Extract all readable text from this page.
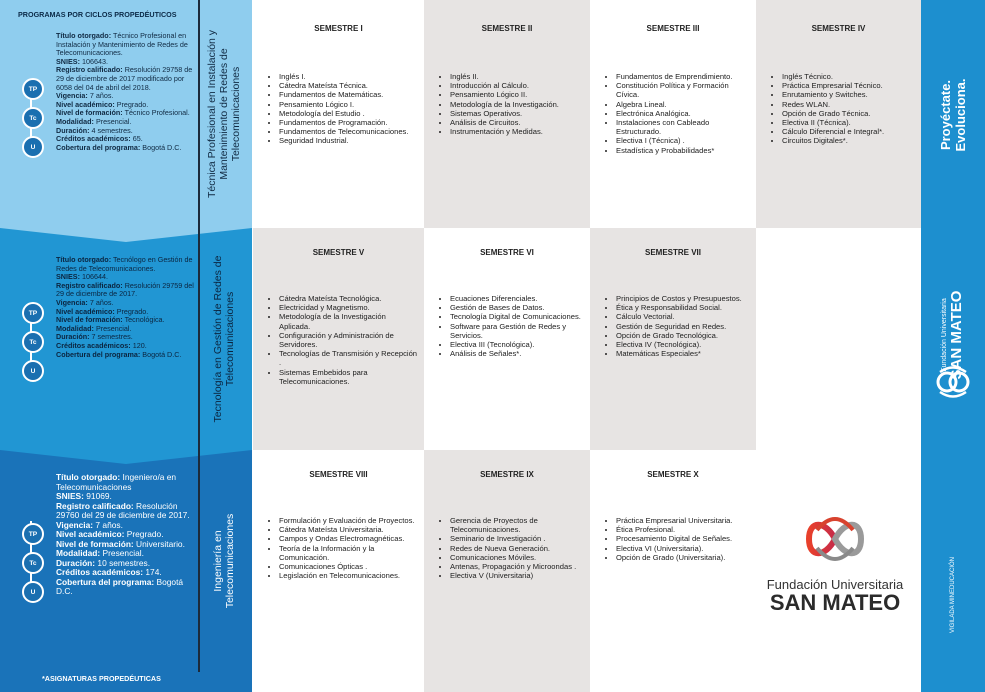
PROGRAMAS POR CICLOS PROPEDÉUTICOS
TP
Tc
U
TP
Tc
U
TP
Tc
U

Título otorgado: Técnico Profesional en Instalación y Mantenimiento de Redes de Telecomunicaciones.

SNIES: 106643.

Registro calificado: Resolución 29758 de 29 de diciembre de 2017 modificado por 6058 del 04 de abril del 2018.

Vigencia: 7 años.

Nivel académico: Pregrado.

Nivel de formación: Técnico Profesional.

Modalidad: Presencial.

Duración: 4 semestres.

Créditos académicos: 65.

Cobertura del programa: Bogotá D.C.

Título otorgado: Tecnólogo en Gestión de Redes de Telecomunicaciones.

SNIES: 106644.

Registro calificado: Resolución 29759 del 29 de diciembre de 2017.

Vigencia: 7 años.

Nivel académico: Pregrado.

Nivel de formación: Tecnológica.

Modalidad: Presencial.

Duración: 7 semestres.

Créditos académicos: 120.

Cobertura del programa: Bogotá D.C.

Título otorgado: Ingeniero/a en Telecomunicaciones

SNIES: 91069.

Registro calificado: Resolución 29760 del 29 de diciembre de 2017.

Vigencia: 7 años.

Nivel académico: Pregrado.

Nivel de formación: Universitario.

Modalidad: Presencial.

Duración: 10 semestres.

Créditos académicos: 174.

Cobertura del programa: Bogotá D.C.

Técnica Profesional en Instalación y Mantenimiento de Redes de Telecomunicaciones
Tecnología en Gestión de Redes de Telecomunicaciones
Ingeniería en Telecomunicaciones
*ASIGNATURAS PROPEDÉUTICAS
SEMESTRE I
• Inglés I.
• Cátedra Mateísta Técnica.
• Fundamentos de Matemáticas.
• Pensamiento Lógico I.
• Metodología del Estudio .
• Fundamentos de Programación.
• Fundamentos de Telecomunicaciones.
• Seguridad Industrial.
SEMESTRE II
• Inglés II.
• Introducción al Cálculo.
• Pensamiento Lógico II.
• Metodología de la Investigación.
• Sistemas Operativos.
• Análisis de Circuitos.
• Instrumentación y Medidas.
SEMESTRE III
• Fundamentos de Emprendimiento.
• Constitución Política y Formación Cívica.
• Algebra Lineal.
• Electrónica Analógica.
• Instalaciones con Cableado Estructurado.
• Electiva I (Técnica) .
• Estadística y Probabilidades*
SEMESTRE IV
• Inglés Técnico.
• Práctica Empresarial Técnico.
• Enrutamiento y Switches.
• Redes WLAN.
• Opción de Grado Técnica.
• Electiva II (Técnica).
• Cálculo Diferencial e Integral*.
• Circuitos Digitales*.
SEMESTRE V
• Cátedra Mateísta Tecnológica.
• Electricidad y Magnetismo.
• Metodología de la Investigación Aplicada.
• Configuración y Administración de Servidores.
• Tecnologías de Transmisión y Recepción .
• Sistemas Embebidos para Telecomunicaciones.
SEMESTRE VI
• Ecuaciones Diferenciales.
• Gestión de Bases de Datos.
• Tecnología Digital de Comunicaciones.
• Software para Gestión de Redes y Servicios.
• Electiva III (Tecnológica).
• Análisis de Señales*.
SEMESTRE VII
• Principios de Costos y Presupuestos.
• Ética y Responsabilidad Social.
• Cálculo Vectorial.
• Gestión de Seguridad en Redes.
• Opción de Grado Tecnológica.
• Electiva IV (Tecnológica).
• Matemáticas Especiales*
SEMESTRE VIII
• Formulación y Evaluación de Proyectos.
• Cátedra Mateísta Universitaria.
• Campos y Ondas Electromagnéticas.
• Teoría de la Información y la Comunicación.
• Comunicaciones Ópticas .
• Legislación en Telecomunicaciones.
SEMESTRE IX
• Gerencia de Proyectos de Telecomunicaciones.
• Seminario de Investigación .
• Redes de Nueva Generación.
• Comunicaciones Móviles.
• Antenas, Propagación y Microondas .
• Electiva V (Universitaria)
SEMESTRE X
• Práctica Empresarial Universitaria.
• Ética Profesional.
• Procesamiento Digital de Señales.
• Electiva VI (Universitaria).
• Opción de Grado (Universitaria).
Fundación Universitaria
SAN MATEO
Proyéctate.
Evoluciona.
Fundación Universitaria SAN MATEO
VIGILADA MINEDUCACIÓN
